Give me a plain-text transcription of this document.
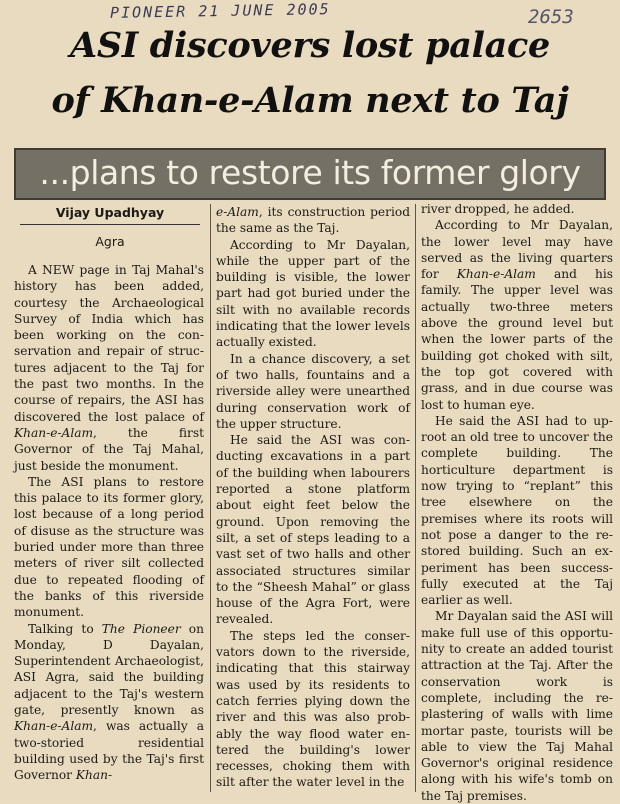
PIONEER 21 JUNE 2005	2653
ASI discovers lost palace
of Khan-e-Alam next to Taj
...plans to restore its former glory
Vijay Upadhyay
Agra

A NEW page in Taj Mahal's history has been added, courtesy the Archaeological Survey of India which has been working on the conservation and repair of structures adjacent to the Taj for the past two months. In the course of repairs, the ASI has discovered the lost palace of Khan-e-Alam, the first Governor of the Taj Mahal, just beside the monument.

The ASI plans to restore this palace to its former glory, lost because of a long period of disuse as the structure was buried under more than three meters of river silt collected due to repeated flooding of the banks of this riverside monument.

Talking to The Pioneer on Monday, D Dayalan, Superintendent Archaeologist, ASI Agra, said the building adjacent to the Taj's western gate, presently known as Khan-e-Alam, was actually a two-storied residential building used by the Taj's first Governor Khan-

e-Alam, its construction period the same as the Taj.

According to Mr Dayalan, while the upper part of the building is visible, the lower part had got buried under the silt with no available records indicating that the lower levels actually existed.

In a chance discovery, a set of two halls, fountains and a riverside alley were unearthed during conservation work of the upper structure.

He said the ASI was conducting excavations in a part of the building when labourers reported a stone platform about eight feet below the ground. Upon removing the silt, a set of steps leading to a vast set of two halls and other associated structures similar to the “Sheesh Mahal” or glass house of the Agra Fort, were revealed.

The steps led the conservators down to the riverside, indicating that this stairway was used by its residents to catch ferries plying down the river and this was also probably the way flood water entered the building's lower recesses, choking them with silt after the water level in the

river dropped, he added.

According to Mr Dayalan, the lower level may have served as the living quarters for Khan-e-Alam and his family. The upper level was actually two-three meters above the ground level but when the lower parts of the building got choked with silt, the top got covered with grass, and in due course was lost to human eye.

He said the ASI had to uproot an old tree to uncover the complete building. The horticulture department is now trying to “replant” this tree elsewhere on the premises where its roots will not pose a danger to the restored building. Such an experiment has been successfully executed at the Taj earlier as well.

Mr Dayalan said the ASI will make full use of this opportunity to create an added tourist attraction at the Taj. After the conservation work is complete, including the re-plastering of walls with lime mortar paste, tourists will be able to view the Taj Mahal Governor's original residence along with his wife's tomb on the Taj premises.
